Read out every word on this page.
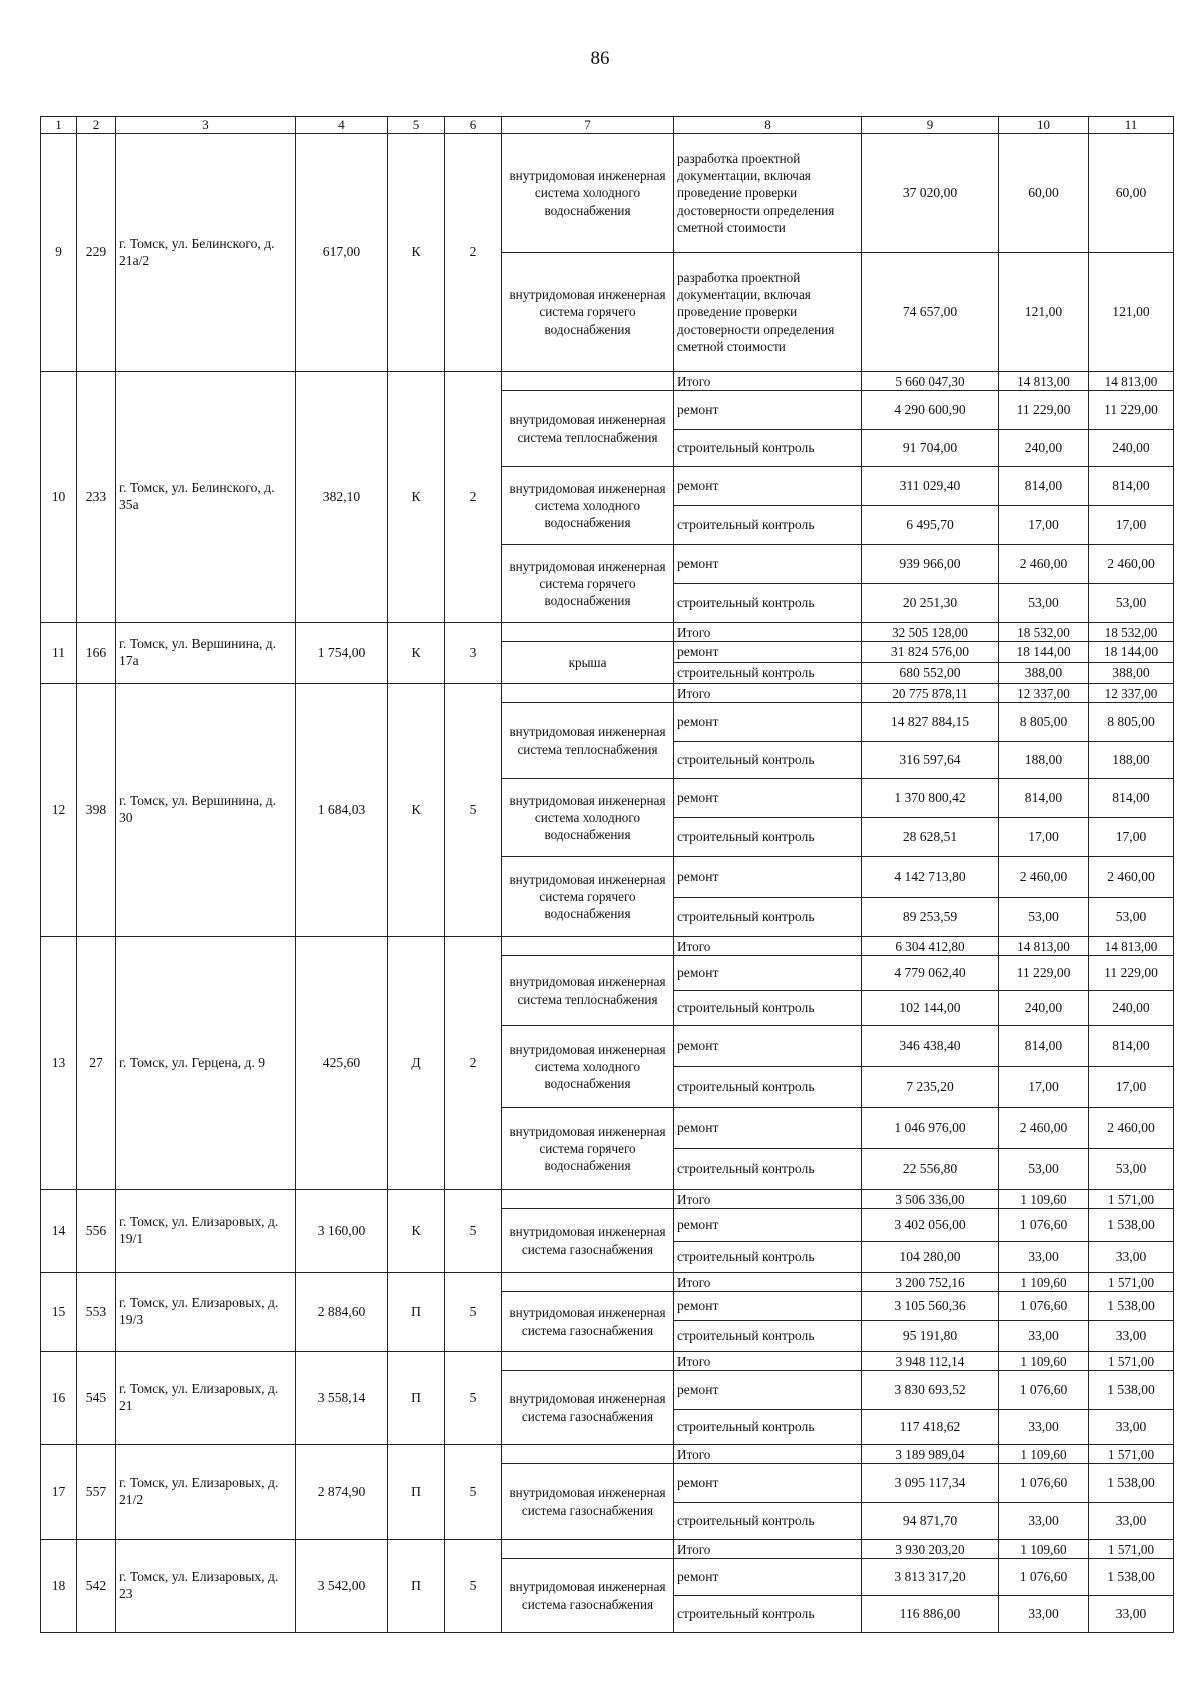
86
1	2	3	4	5	6	7	8	9	10	11
9	229	г. Томск, ул. Белинского, д. 21а/2	617,00	К	2	внутридомовая инженерная система холодного водоснабжения	разработка проектной документации, включая проведение проверки достоверности определения сметной стоимости	37 020,00	60,00	60,00
						внутридомовая инженерная система горячего водоснабжения	разработка проектной документации, включая проведение проверки достоверности определения сметной стоимости	74 657,00	121,00	121,00
10	233	г. Томск, ул. Белинского, д. 35а	382,10	К	2		Итого	5 660 047,30	14 813,00	14 813,00
						внутридомовая инженерная система теплоснабжения	ремонт	4 290 600,90	11 229,00	11 229,00
							строительный контроль	91 704,00	240,00	240,00
						внутридомовая инженерная система холодного водоснабжения	ремонт	311 029,40	814,00	814,00
							строительный контроль	6 495,70	17,00	17,00
						внутридомовая инженерная система горячего водоснабжения	ремонт	939 966,00	2 460,00	2 460,00
							строительный контроль	20 251,30	53,00	53,00
11	166	г. Томск, ул. Вершинина, д. 17а	1 754,00	К	3		Итого	32 505 128,00	18 532,00	18 532,00
						крыша	ремонт	31 824 576,00	18 144,00	18 144,00
							строительный контроль	680 552,00	388,00	388,00
12	398	г. Томск, ул. Вершинина, д. 30	1 684,03	К	5		Итого	20 775 878,11	12 337,00	12 337,00
						внутридомовая инженерная система теплоснабжения	ремонт	14 827 884,15	8 805,00	8 805,00
							строительный контроль	316 597,64	188,00	188,00
						внутридомовая инженерная система холодного водоснабжения	ремонт	1 370 800,42	814,00	814,00
							строительный контроль	28 628,51	17,00	17,00
						внутридомовая инженерная система горячего водоснабжения	ремонт	4 142 713,80	2 460,00	2 460,00
							строительный контроль	89 253,59	53,00	53,00
13	27	г. Томск, ул. Герцена, д. 9	425,60	Д	2		Итого	6 304 412,80	14 813,00	14 813,00
						внутридомовая инженерная система теплоснабжения	ремонт	4 779 062,40	11 229,00	11 229,00
							строительный контроль	102 144,00	240,00	240,00
						внутридомовая инженерная система холодного водоснабжения	ремонт	346 438,40	814,00	814,00
							строительный контроль	7 235,20	17,00	17,00
						внутридомовая инженерная система горячего водоснабжения	ремонт	1 046 976,00	2 460,00	2 460,00
							строительный контроль	22 556,80	53,00	53,00
14	556	г. Томск, ул. Елизаровых, д. 19/1	3 160,00	К	5		Итого	3 506 336,00	1 109,60	1 571,00
						внутридомовая инженерная система газоснабжения	ремонт	3 402 056,00	1 076,60	1 538,00
							строительный контроль	104 280,00	33,00	33,00
15	553	г. Томск, ул. Елизаровых, д. 19/3	2 884,60	П	5		Итого	3 200 752,16	1 109,60	1 571,00
						внутридомовая инженерная система газоснабжения	ремонт	3 105 560,36	1 076,60	1 538,00
							строительный контроль	95 191,80	33,00	33,00
16	545	г. Томск, ул. Елизаровых, д. 21	3 558,14	П	5		Итого	3 948 112,14	1 109,60	1 571,00
						внутридомовая инженерная система газоснабжения	ремонт	3 830 693,52	1 076,60	1 538,00
							строительный контроль	117 418,62	33,00	33,00
17	557	г. Томск, ул. Елизаровых, д. 21/2	2 874,90	П	5		Итого	3 189 989,04	1 109,60	1 571,00
						внутридомовая инженерная система газоснабжения	ремонт	3 095 117,34	1 076,60	1 538,00
							строительный контроль	94 871,70	33,00	33,00
18	542	г. Томск, ул. Елизаровых, д. 23	3 542,00	П	5		Итого	3 930 203,20	1 109,60	1 571,00
						внутридомовая инженерная система газоснабжения	ремонт	3 813 317,20	1 076,60	1 538,00
							строительный контроль	116 886,00	33,00	33,00
